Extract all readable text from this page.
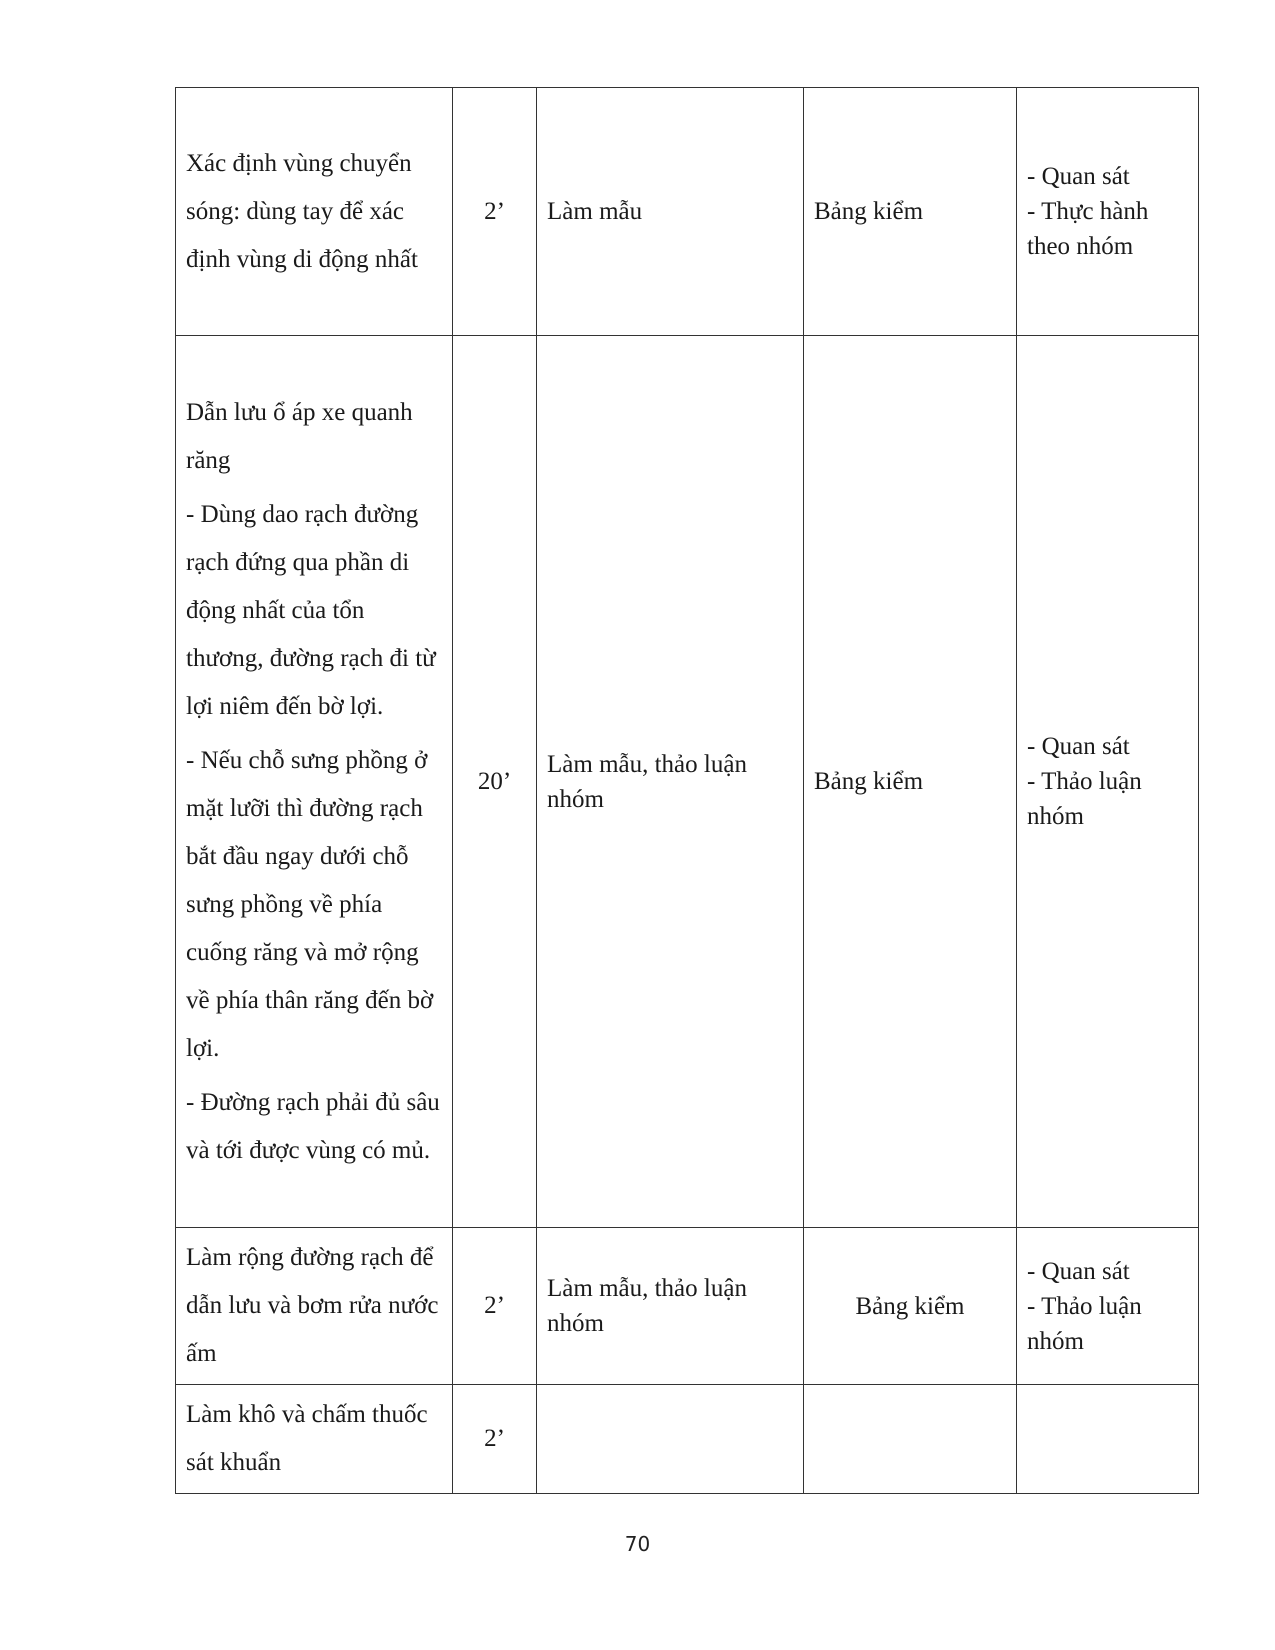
Xác định vùng chuyển sóng: dùng tay để xác định vùng di động nhất	2’	Làm mẫu	Bảng kiểm	- Quan sát
- Thực hành theo nhóm

Dẫn lưu ổ áp xe quanh răng
- Dùng dao rạch đường rạch đứng qua phần di động nhất của tổn thương, đường rạch đi từ lợi niêm đến bờ lợi.
- Nếu chỗ sưng phồng ở mặt lưỡi thì đường rạch bắt đầu ngay dưới chỗ sưng phồng về phía cuống răng và mở rộng về phía thân răng đến bờ lợi.
- Đường rạch phải đủ sâu và tới được vùng có mủ.	20’	Làm mẫu, thảo luận nhóm	Bảng kiểm	- Quan sát
- Thảo luận nhóm

Làm rộng đường rạch để dẫn lưu và bơm rửa nước ấm	2’	Làm mẫu, thảo luận nhóm	Bảng kiểm	- Quan sát
- Thảo luận nhóm

Làm khô và chấm thuốc sát khuẩn	2’			
70
